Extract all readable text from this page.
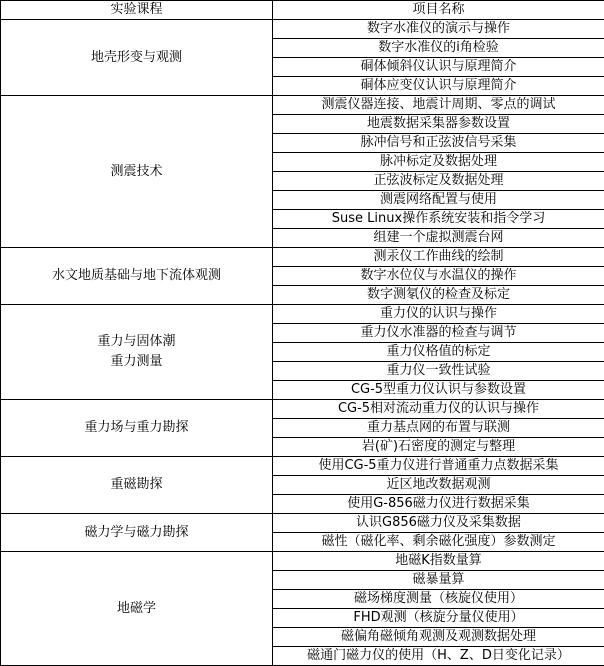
实验课程	项目名称

地壳形变与观测	数字水准仪的演示与操作
	数字水准仪的i角检验
	硐体倾斜仪认识与原理简介
	硐体应变仪认识与原理简介

测震技术	测震仪器连接、地震计周期、零点的调试
	地震数据采集器参数设置
	脉冲信号和正弦波信号采集
	脉冲标定及数据处理
	正弦波标定及数据处理
	测震网络配置与使用
	Suse Linux操作系统安装和指令学习
	组建一个虚拟测震台网

水文地质基础与地下流体观测	测汞仪工作曲线的绘制
	数字水位仪与水温仪的操作
	数字测氡仪的检查及标定

重力与固体潮
重力测量	重力仪的认识与操作
	重力仪水准器的检查与调节
	重力仪格值的标定
	重力仪一致性试验
	CG-5型重力仪认识与参数设置

重力场与重力勘探	CG-5相对流动重力仪的认识与操作
	重力基点网的布置与联测
	岩(矿)石密度的测定与整理

重磁勘探	使用CG-5重力仪进行普通重力点数据采集
	近区地改数据观测
	使用G-856磁力仪进行数据采集

磁力学与磁力勘探	认识G856磁力仪及采集数据
	磁性（磁化率、剩余磁化强度）参数测定

地磁学	地磁K指数量算
	磁暴量算
	磁场梯度测量（核旋仪使用）
	FHD观测（核旋分量仪使用）
	磁偏角磁倾角观测及观测数据处理
	磁通门磁力仪的使用（H、Z、D日变化记录）
